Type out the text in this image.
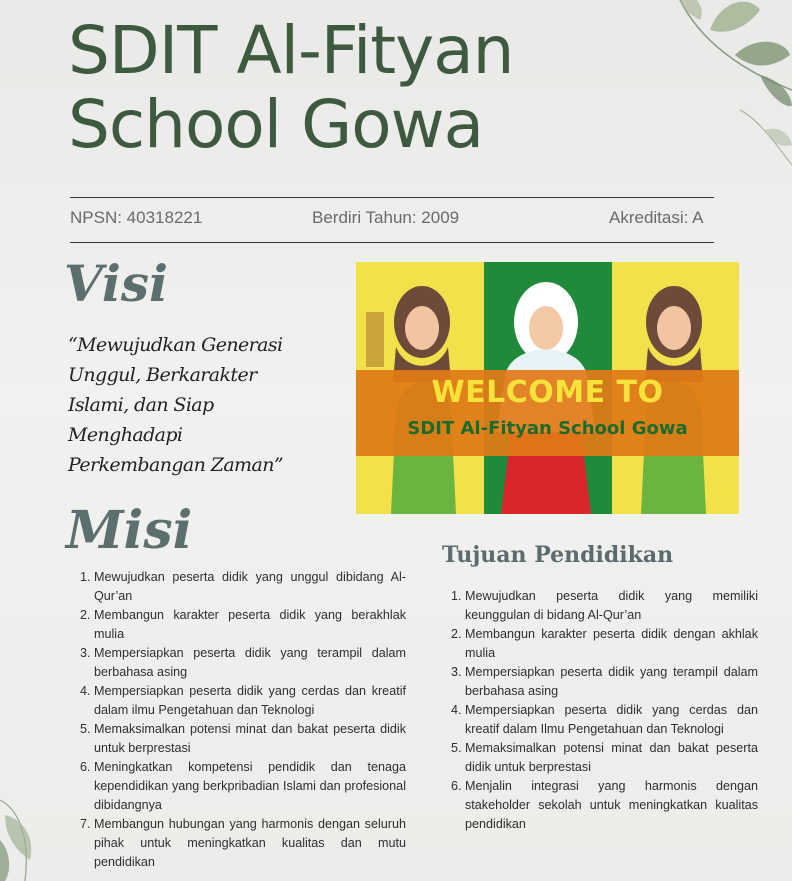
SDIT Al-Fityan
School Gowa
NPSN: 40318221	Berdiri Tahun: 2009	Akreditasi: A
Visi
“Mewujudkan Generasi Unggul, Berkarakter Islami, dan Siap Menghadapi Perkembangan Zaman”
WELCOME TO
SDIT Al-Fityan School Gowa
Misi
1. Mewujudkan peserta didik yang unggul dibidang Al-Qur’an
2. Membangun karakter peserta didik yang berakhlak mulia
3. Mempersiapkan peserta didik yang terampil dalam berbahasa asing
4. Mempersiapkan peserta didik yang cerdas dan kreatif dalam ilmu Pengetahuan dan Teknologi
5. Memaksimalkan potensi minat dan bakat peserta didik untuk berprestasi
6. Meningkatkan kompetensi pendidik dan tenaga kependidikan yang berkpribadian Islami dan profesional dibidangnya
7. Membangun hubungan yang harmonis dengan seluruh pihak untuk meningkatkan kualitas dan mutu pendidikan
Tujuan Pendidikan
1. Mewujudkan peserta didik yang memiliki keunggulan di bidang Al-Qur’an
2. Membangun karakter peserta didik dengan akhlak mulia
3. Mempersiapkan peserta didik yang terampil dalam berbahasa asing
4. Mempersiapkan peserta didik yang cerdas dan kreatif dalam Ilmu Pengetahuan dan Teknologi
5. Memaksimalkan potensi minat dan bakat peserta didik untuk berprestasi
6. Menjalin integrasi yang harmonis dengan stakeholder sekolah untuk meningkatkan kualitas pendidikan
